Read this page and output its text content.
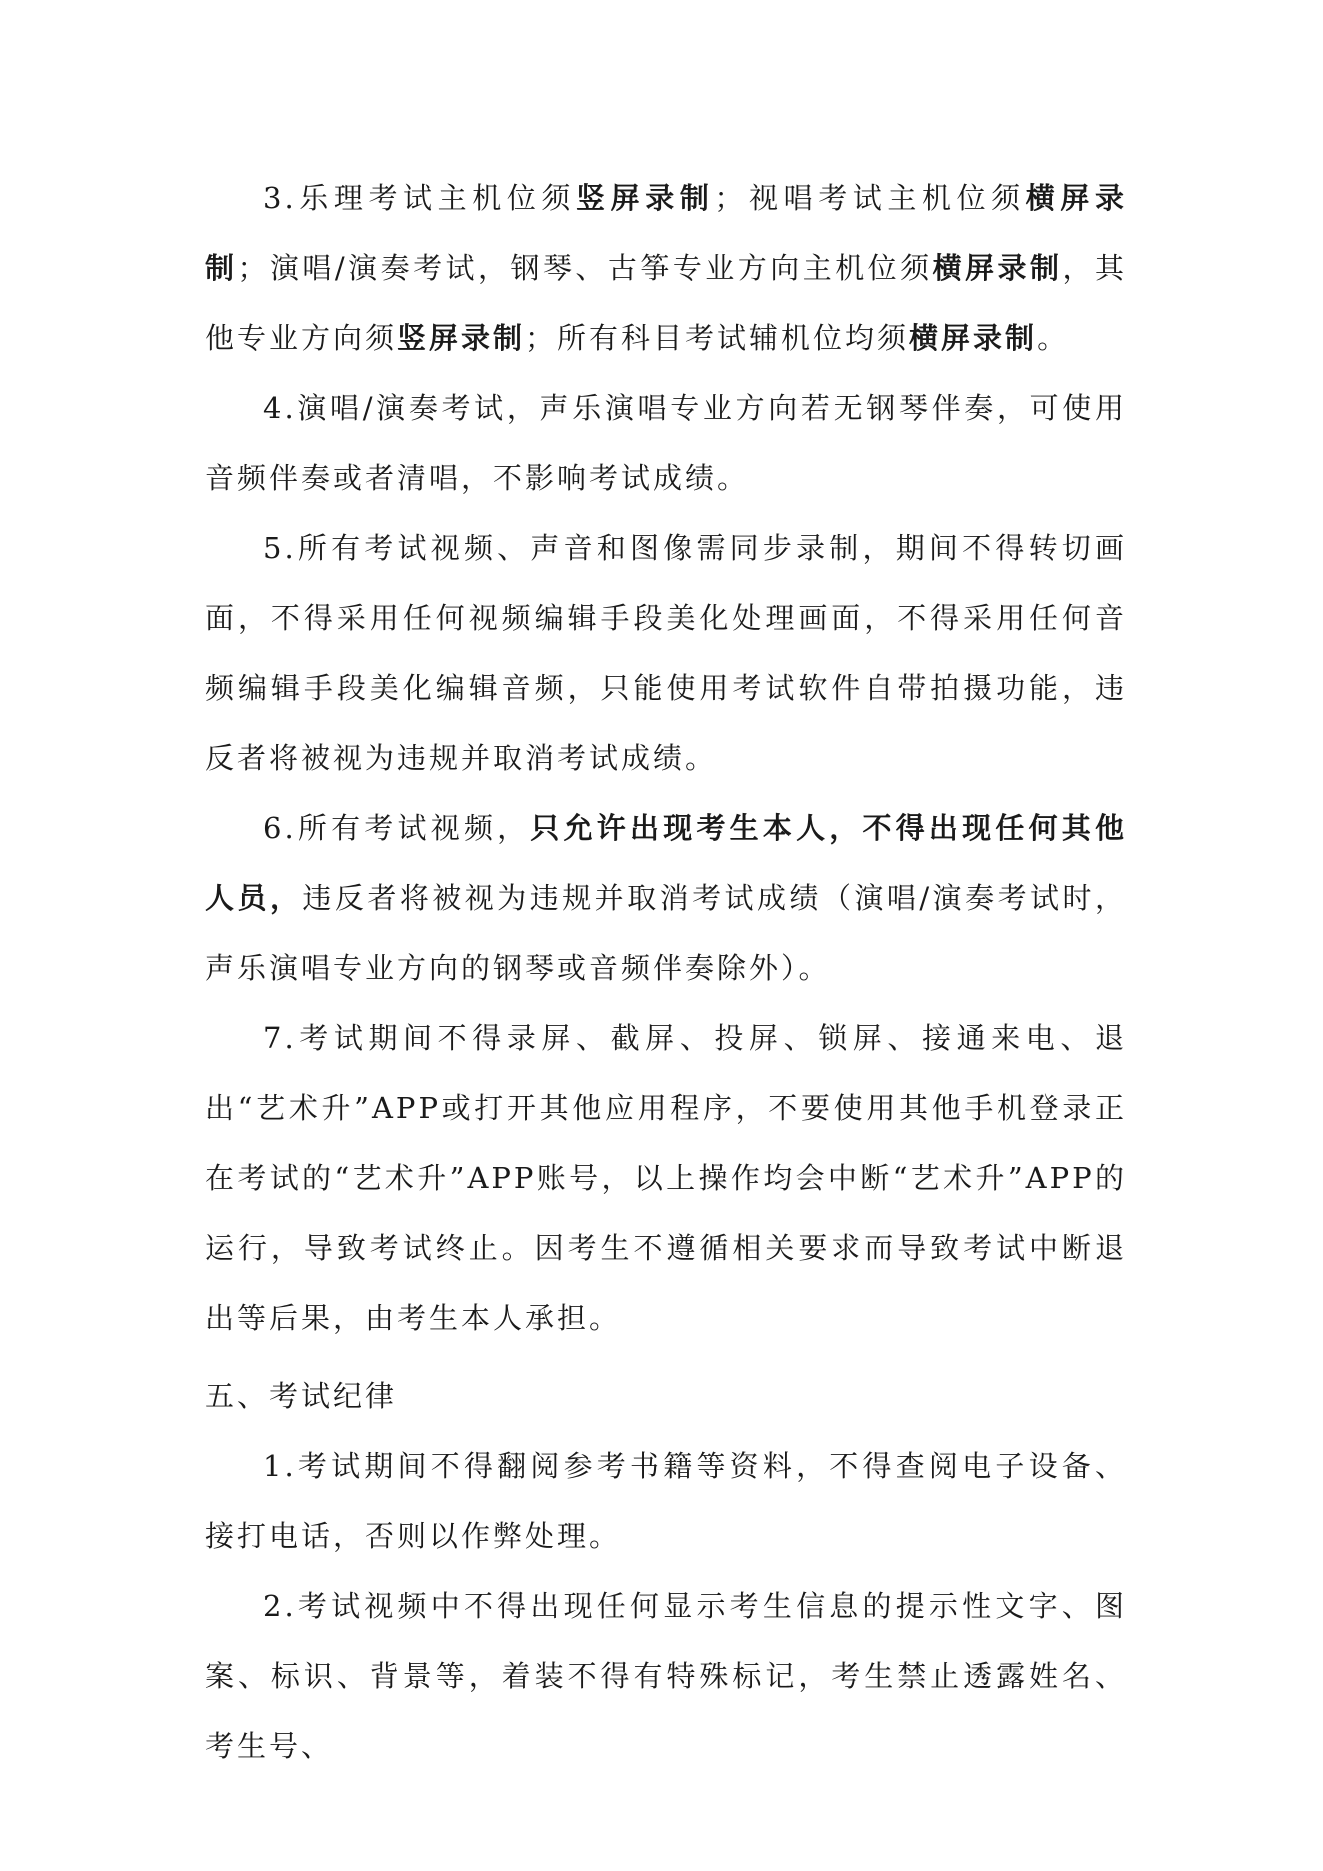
3.乐理考试主机位须竖屏录制；视唱考试主机位须横屏录制；演唱/演奏考试，钢琴、古筝专业方向主机位须横屏录制，其他专业方向须竖屏录制；所有科目考试辅机位均须横屏录制。

4.演唱/演奏考试，声乐演唱专业方向若无钢琴伴奏，可使用音频伴奏或者清唱，不影响考试成绩。

5.所有考试视频、声音和图像需同步录制，期间不得转切画面，不得采用任何视频编辑手段美化处理画面，不得采用任何音频编辑手段美化编辑音频，只能使用考试软件自带拍摄功能，违反者将被视为违规并取消考试成绩。

6.所有考试视频，只允许出现考生本人，不得出现任何其他人员，违反者将被视为违规并取消考试成绩（演唱/演奏考试时，声乐演唱专业方向的钢琴或音频伴奏除外）。

7.考试期间不得录屏、截屏、投屏、锁屏、接通来电、退出“艺术升”APP或打开其他应用程序，不要使用其他手机登录正在考试的“艺术升”APP账号，以上操作均会中断“艺术升”APP的运行，导致考试终止。因考生不遵循相关要求而导致考试中断退出等后果，由考生本人承担。

五、考试纪律

1.考试期间不得翻阅参考书籍等资料，不得查阅电子设备、接打电话，否则以作弊处理。

2.考试视频中不得出现任何显示考生信息的提示性文字、图案、标识、背景等，着装不得有特殊标记，考生禁止透露姓名、考生号、
